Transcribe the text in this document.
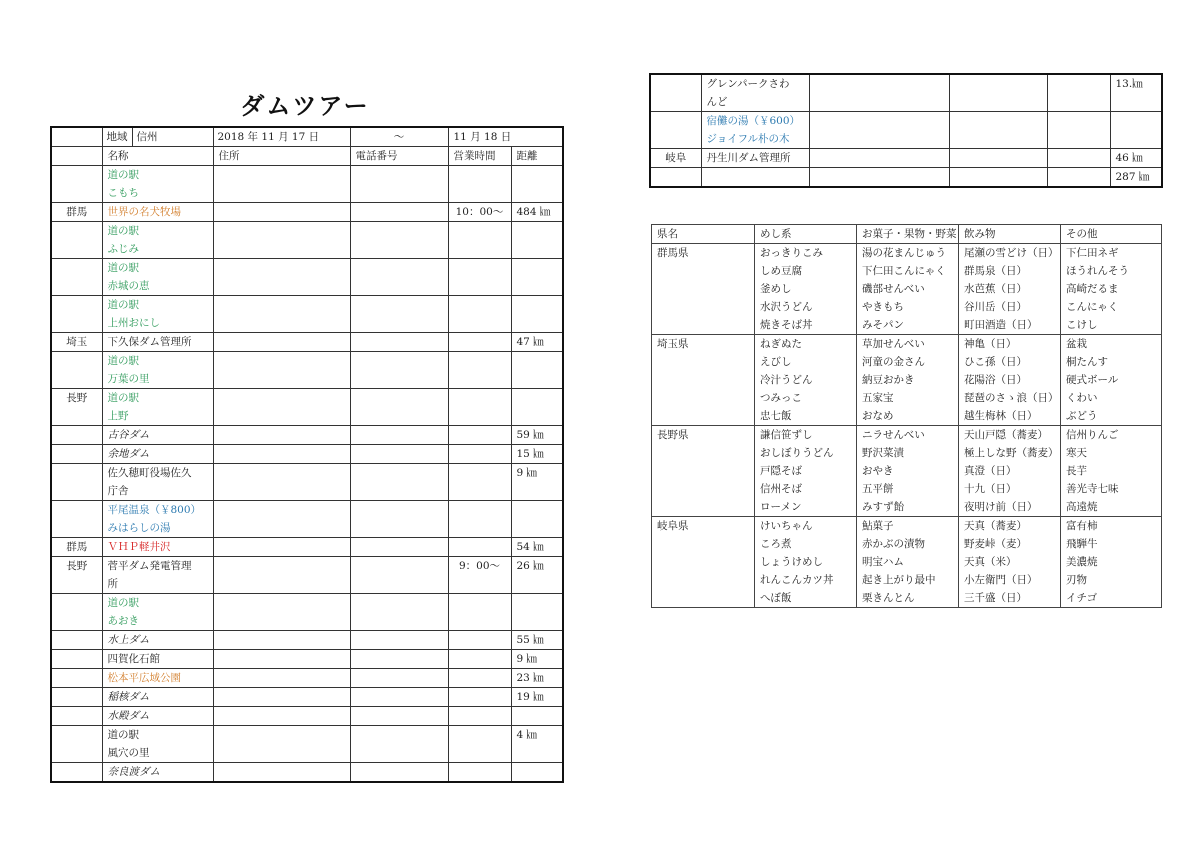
ダムツアー
	地域 信州	2018 年 11 月 17 日	～	11 月 18 日	
	名称	住所	電話番号	営業時間	距離

	道の駅
こもち				

群馬	世界の名犬牧場			10：00～	484 ㎞

	道の駅
ふじみ				

	道の駅
赤城の恵				

	道の駅
上州おにし				

埼玉	下久保ダム管理所				47 ㎞

	道の駅
万葉の里				

長野	道の駅
上野				

	古谷ダム				59 ㎞

	余地ダム				15 ㎞

	佐久穂町役場佐久
庁舎				9 ㎞

	平尾温泉（￥800）
みはらしの湯				

群馬	ＶＨＰ軽井沢				54 ㎞
長野	菅平ダム発電管理
所			9：00～	26 ㎞

	道の駅
あおき				

	水上ダム				55 ㎞

	四賀化石館				9 ㎞

	松本平広域公園				23 ㎞

	稲核ダム				19 ㎞

	水殿ダム				

	道の駅
風穴の里				4 ㎞

	奈良渡ダム				

	グレンパークさわ
んど				13.㎞

	宿儺の湯（￥600）
ジョイフル朴の木				

岐阜	丹生川ダム管理所				46 ㎞

				287 ㎞
県名	めし系	お菓子・果物・野菜	飲み物	その他
群馬県	おっきりこみ	湯の花まんじゅう	尾瀬の雪どけ（日）	下仁田ネギ
	しめ豆腐	下仁田こんにゃく	群馬泉（日）	ほうれんそう
	釜めし	磯部せんべい	水芭蕉（日）	高崎だるま
	水沢うどん	やきもち	谷川岳（日）	こんにゃく
	焼きそば丼	みそパン	町田酒造（日）	こけし
埼玉県	ねぎぬた	草加せんべい	神亀（日）	盆栽
	えびし	河童の金さん	ひこ孫（日）	桐たんす
	冷汁うどん	納豆おかき	花陽浴（日）	硬式ボール
	つみっこ	五家宝	琵琶のさゝ浪（日）	くわい
	忠七飯	おなめ	越生梅林（日）	ぶどう
長野県	謙信笹ずし	ニラせんべい	天山戸隠（蕎麦）	信州りんご
	おしぼりうどん	野沢菜漬	極上しな野（蕎麦）	寒天
	戸隠そば	おやき	真澄（日）	長芋
	信州そば	五平餅	十九（日）	善光寺七味
	ローメン	みすず飴	夜明け前（日）	高遠焼
岐阜県	けいちゃん	鮎菓子	天真（蕎麦）	富有柿
	ころ煮	赤かぶの漬物	野麦峠（麦）	飛騨牛
	しょうけめし	明宝ハム	天真（米）	美濃焼
	れんこんカツ丼	起き上がり最中	小左衛門（日）	刃物
	へぼ飯	栗きんとん	三千盛（日）	イチゴ
